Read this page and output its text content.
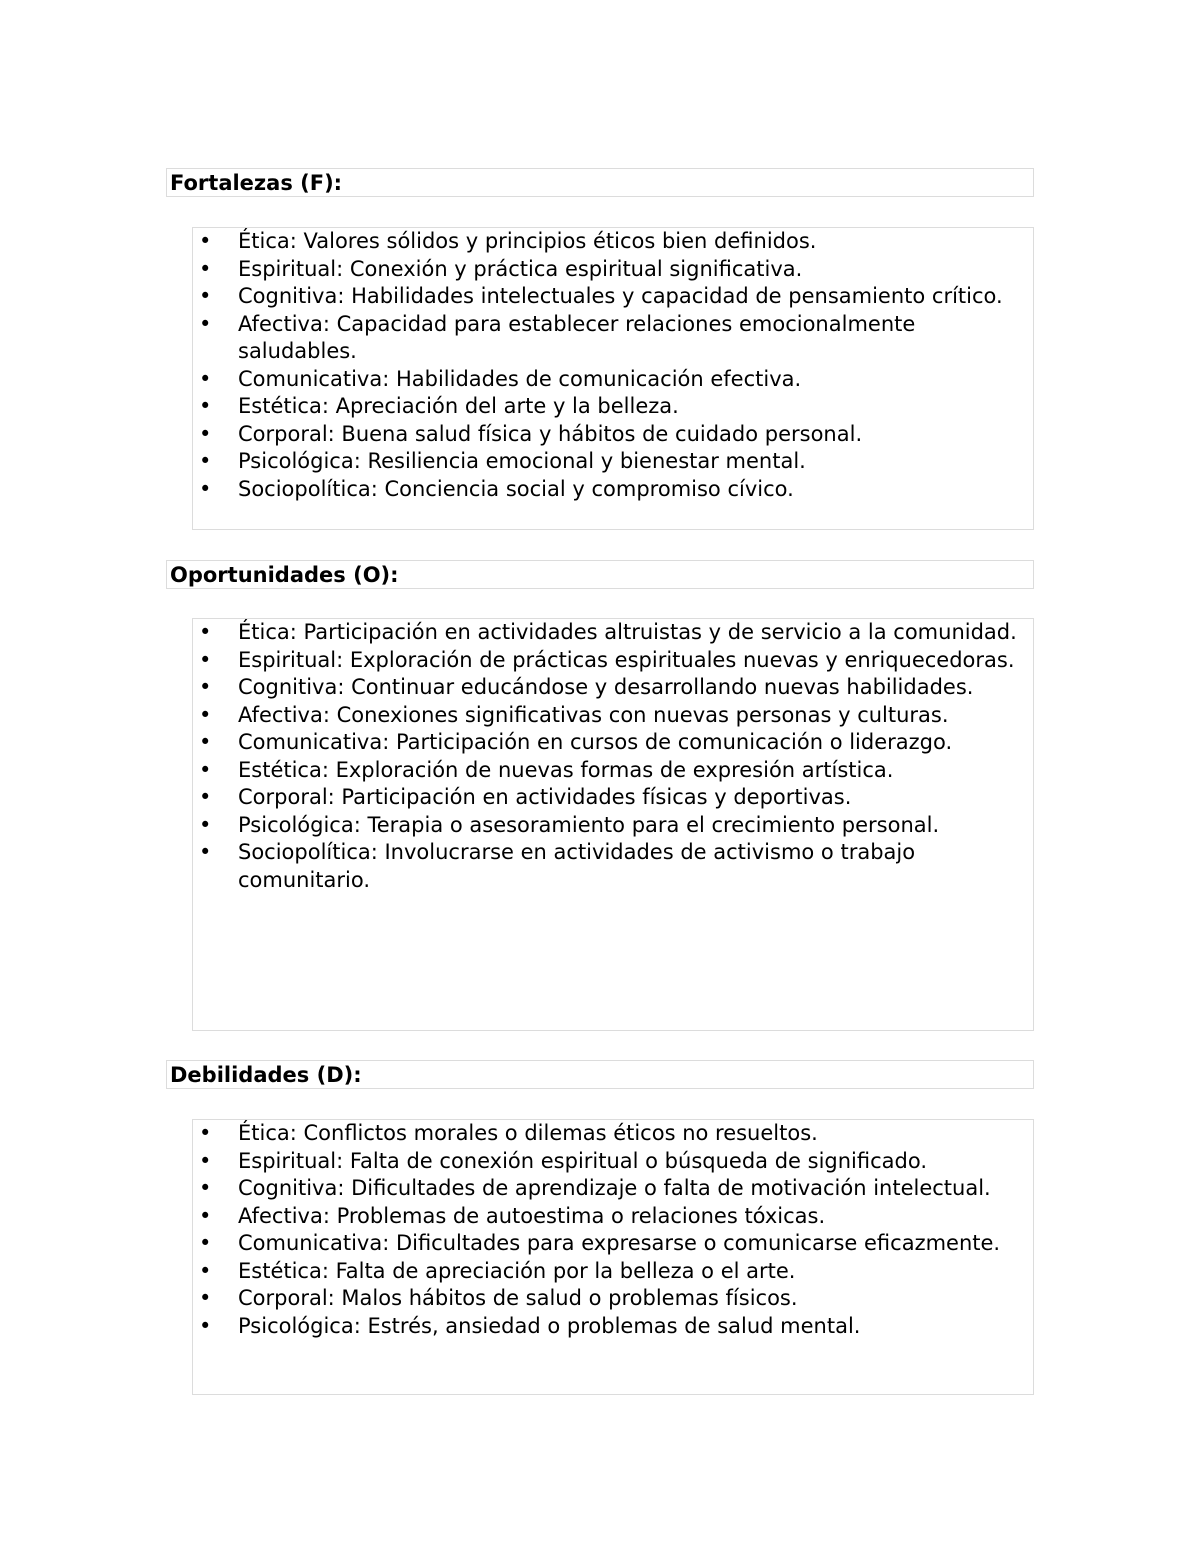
Fortalezas (F):
• Ética: Valores sólidos y principios éticos bien definidos.
• Espiritual: Conexión y práctica espiritual significativa.
• Cognitiva: Habilidades intelectuales y capacidad de pensamiento crítico.
• Afectiva: Capacidad para establecer relaciones emocionalmente saludables.
• Comunicativa: Habilidades de comunicación efectiva.
• Estética: Apreciación del arte y la belleza.
• Corporal: Buena salud física y hábitos de cuidado personal.
• Psicológica: Resiliencia emocional y bienestar mental.
• Sociopolítica: Conciencia social y compromiso cívico.
Oportunidades (O):
• Ética: Participación en actividades altruistas y de servicio a la comunidad.
• Espiritual: Exploración de prácticas espirituales nuevas y enriquecedoras.
• Cognitiva: Continuar educándose y desarrollando nuevas habilidades.
• Afectiva: Conexiones significativas con nuevas personas y culturas.
• Comunicativa: Participación en cursos de comunicación o liderazgo.
• Estética: Exploración de nuevas formas de expresión artística.
• Corporal: Participación en actividades físicas y deportivas.
• Psicológica: Terapia o asesoramiento para el crecimiento personal.
• Sociopolítica: Involucrarse en actividades de activismo o trabajo comunitario.
Debilidades (D):
• Ética: Conflictos morales o dilemas éticos no resueltos.
• Espiritual: Falta de conexión espiritual o búsqueda de significado.
• Cognitiva: Dificultades de aprendizaje o falta de motivación intelectual.
• Afectiva: Problemas de autoestima o relaciones tóxicas.
• Comunicativa: Dificultades para expresarse o comunicarse eficazmente.
• Estética: Falta de apreciación por la belleza o el arte.
• Corporal: Malos hábitos de salud o problemas físicos.
• Psicológica: Estrés, ansiedad o problemas de salud mental.
